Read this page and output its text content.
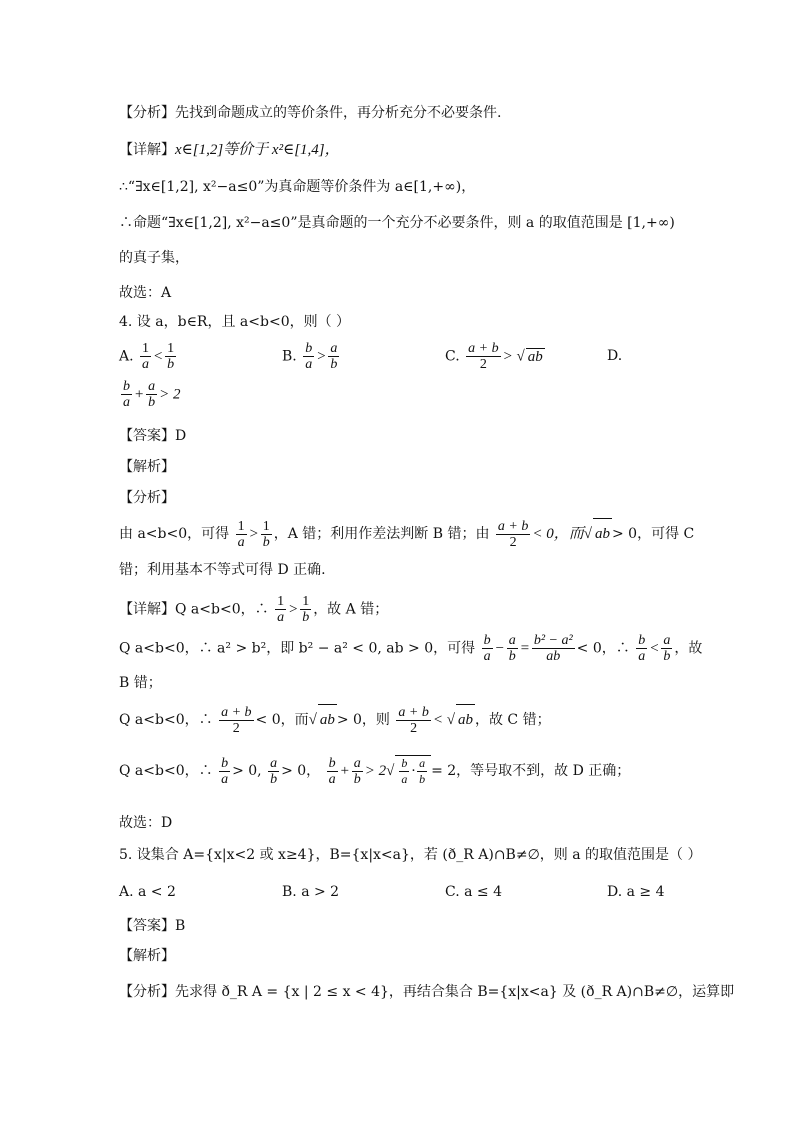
【分析】先找到命题成立的等价条件，再分析充分不必要条件.
【详解】x∈[1,2]等价于 x²∈[1,4]，
∴“∃x∈[1,2], x²−a≤0”为真命题等价条件为 a∈[1,+∞)，
∴命题“∃x∈[1,2], x²−a≤0”是真命题的一个充分不必要条件，则 a 的取值范围是 [1,+∞)
的真子集，
故选：A
4. 设 a，b∈R，且 a<b<0，则（ ）
A. $\frac{1}{a} < \frac{1}{b}$	B. $\frac{b}{a} > \frac{a}{b}$	C. $\frac{a + b}{2}$ > √ ab	D.
$\frac{b}{a} + \frac{a}{b} > 2$
【答案】D
【解析】
【分析】
由 a<b<0，可得 $\frac{1}{a} > \frac{1}{b}$ ，A 错；利用作差法判断 B 错；由 $\frac{a + b}{2} < 0$，而√ ab > 0，可得 C
错；利用基本不等式可得 D 正确.
【详解】Q a<b<0，∴ $\frac{1}{a} > \frac{1}{b}$ ，故 A 错；
Q a<b<0，∴ a² > b²，即 b² − a² < 0, ab > 0，可得 $\frac{b}{a} - \frac{a}{b} = \frac{\text{b² − a²}}{ab} < 0$，∴ $\frac{b}{a} < \frac{a}{b}$ ，故
B 错；
Q a<b<0，∴ $\frac{a + b}{2} < 0$，而√ ab > 0，则 $\frac{a + b}{2}$ < √ ab ，故 C 错；
Q a<b<0，∴ $\frac{b}{a} > 0$, $\frac{a}{b} > 0$， $\frac{b}{a} + \frac{a}{b} > 2√ \frac{b}{a} \cdot \frac{a}{b} = 2$，等号取不到，故 D 正确；
故选：D
5. 设集合 A={x|x<2 或 x≥4}，B={x|x<a}，若 (ð_R A)∩B≠∅，则 a 的取值范围是（ ）
A. a < 2	B. a > 2	C. a ≤ 4	D. a ≥ 4
【答案】B
【解析】
【分析】先求得 ð_R A = {x | 2 ≤ x < 4}，再结合集合 B={x|x<a} 及 (ð_R A)∩B≠∅，运算即
